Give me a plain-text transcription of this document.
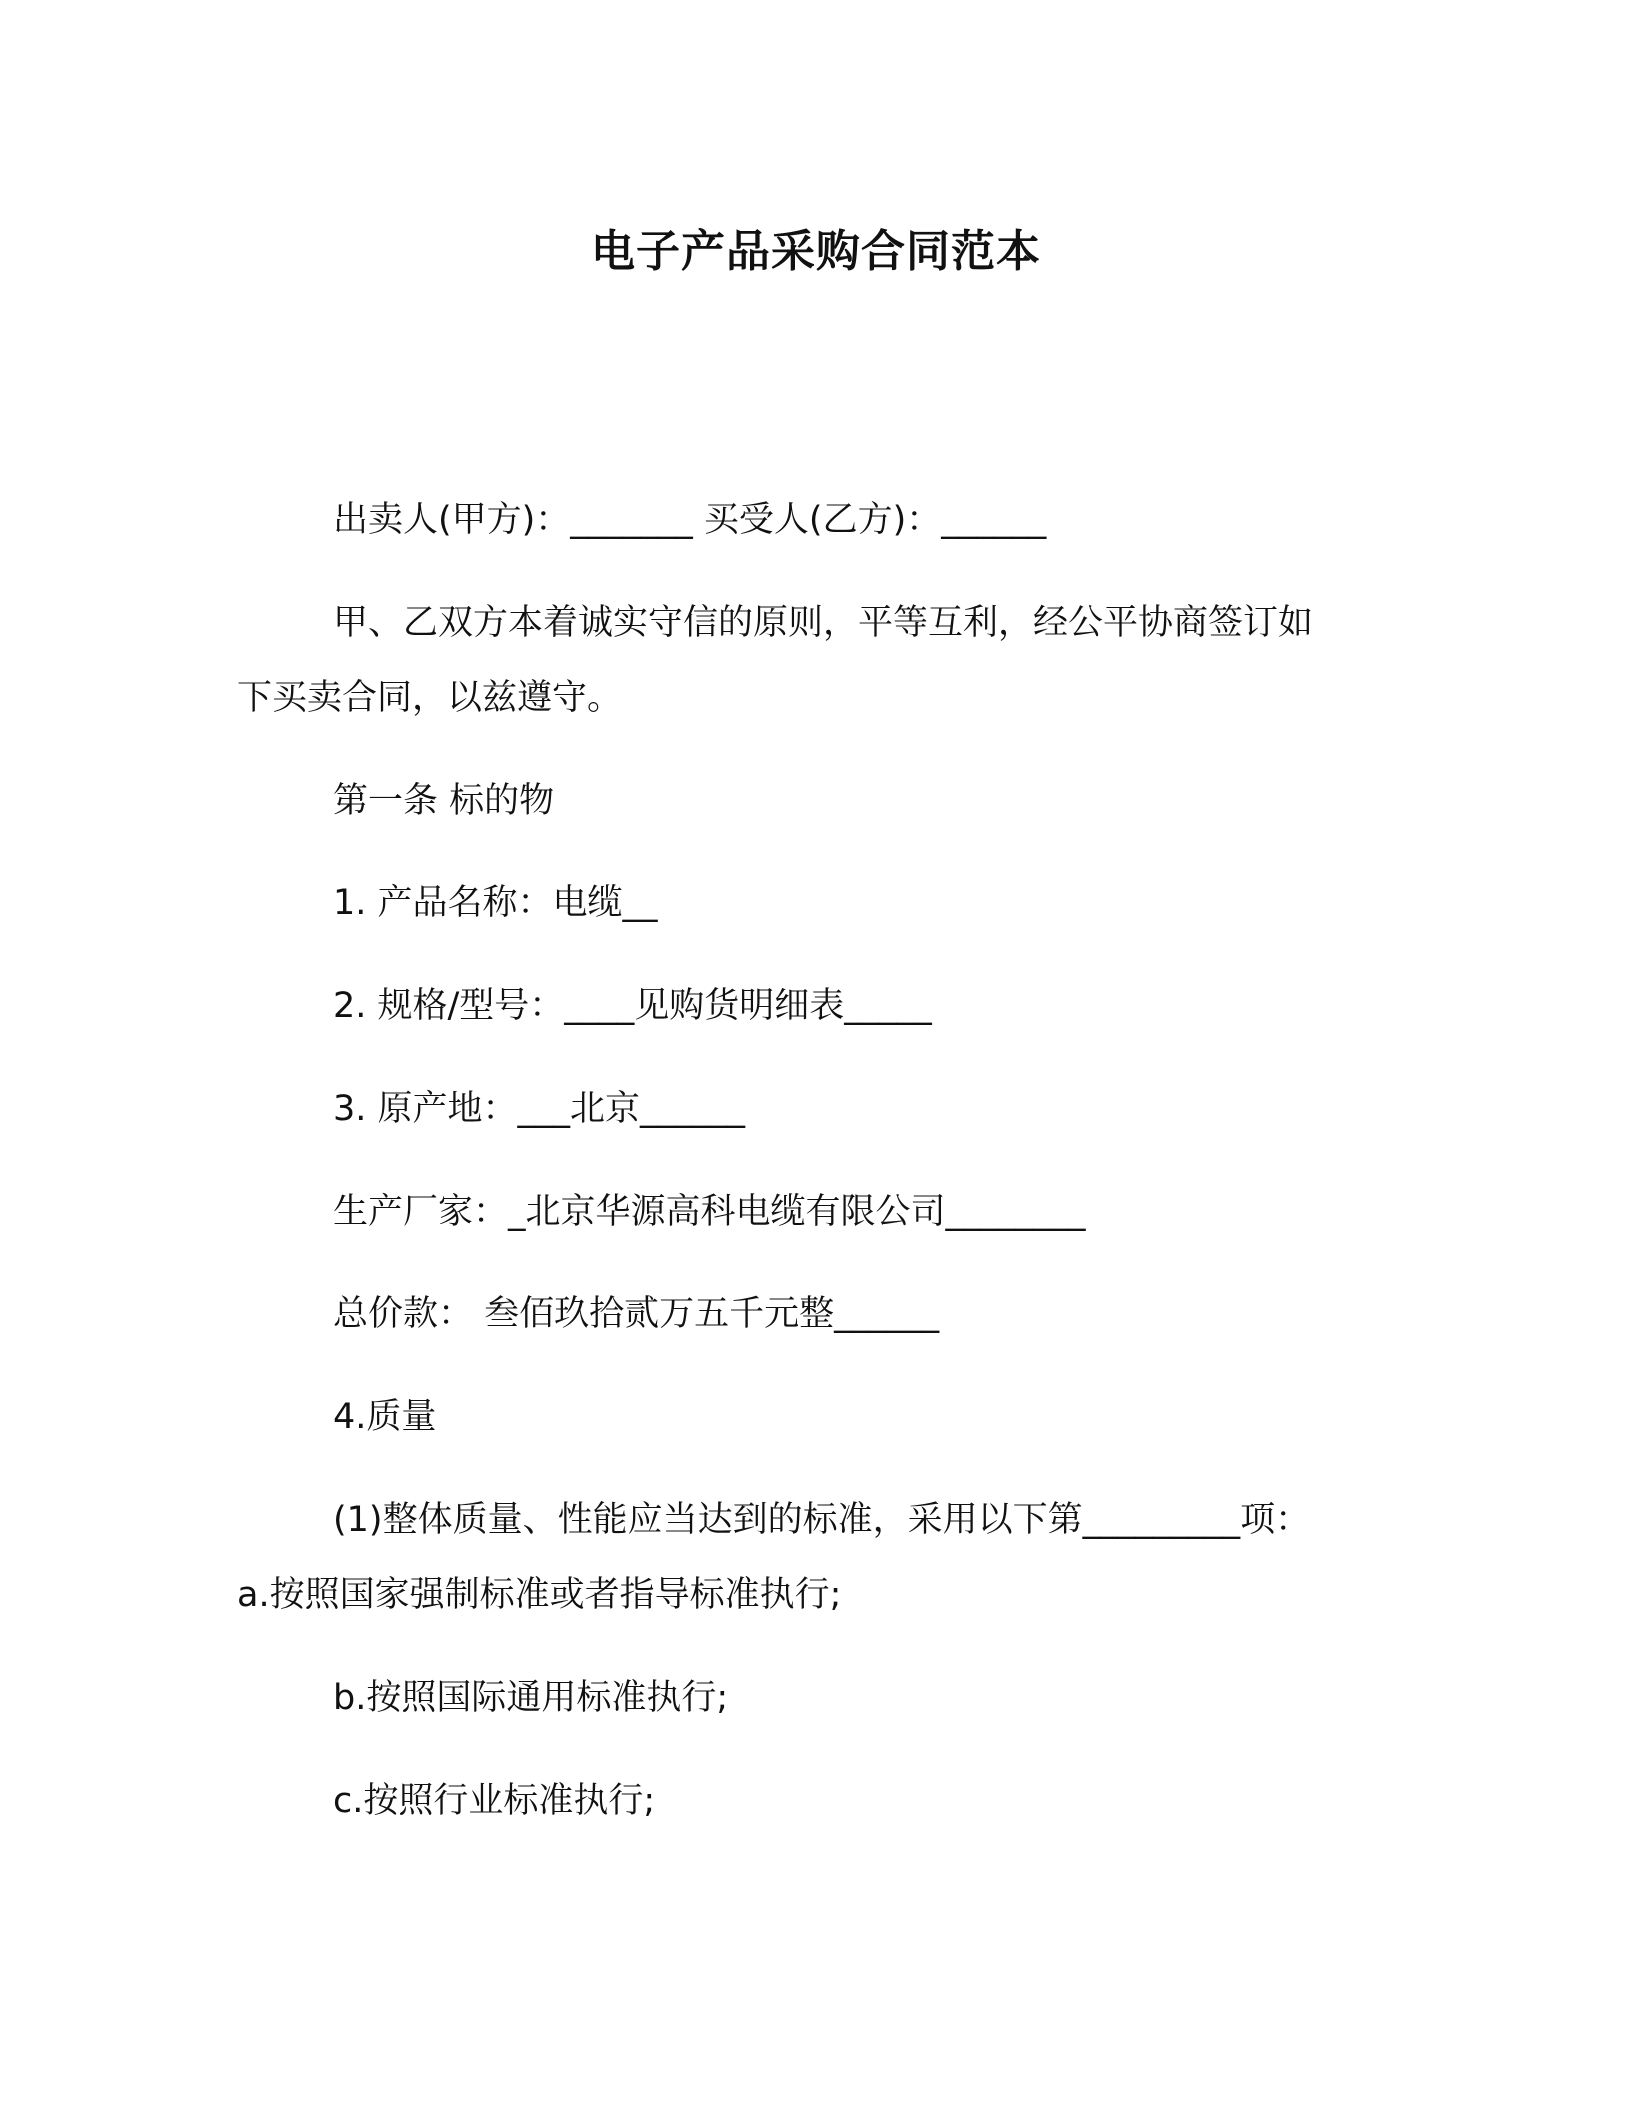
电子产品采购合同范本
出卖人(甲方)：_______ 买受人(乙方)：______
甲、乙双方本着诚实守信的原则，平等互利，经公平协商签订如
下买卖合同，以兹遵守。
第一条 标的物
1. 产品名称：电缆__
2. 规格/型号：____见购货明细表_____
3. 原产地：___北京______
生产厂家：_北京华源高科电缆有限公司________
总价款： 叁佰玖拾贰万五千元整______
4.质量
(1)整体质量、性能应当达到的标准，采用以下第_________项：
a.按照国家强制标准或者指导标准执行;
b.按照国际通用标准执行;
c.按照行业标准执行;
